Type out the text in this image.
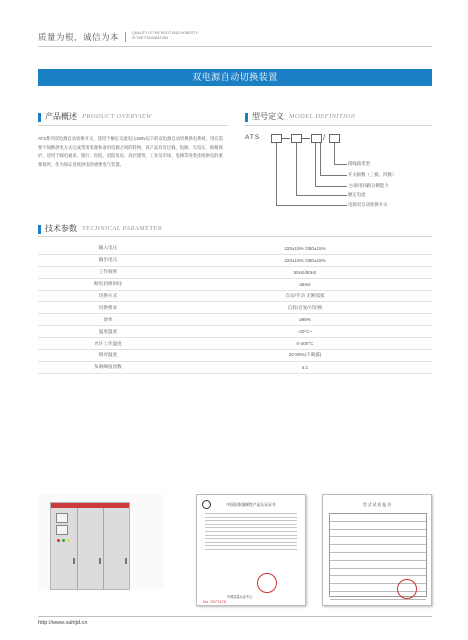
质量为根，诚信为本	QUALITY IS THE ROOT AND HONESTY IS THE FOUNDATION
双电源自动切换装置
产品概述 PRODUCT OVERVIEW
ATS系列双电源自动切换开关，适用于额定交流电压400v以下的双电源自动切换供电系统，用在需要不间断供电方式完成常用电源和备用电源之间的转换，该产品具有过载、短路、欠电压、缺相保护，适用于邮电通讯、银行、医院、消防泵房、高层建筑、工业及市场、电梯等各类连续供电的重要场所，作为保证连续供电的重要电气装置。
型号定义 MODEL DEFINITION
ATS	/
接线箱类型
开关极数（三极、四极）
主/备用回路分断能力
额定电流
电源双自动转换开关
技术参数 TECHNICAL PARAMETER
输入电压	220±15% /380±15%
输出电压	220±15% /380±15%
工作频率	50Hz/60Hz
断电切换时间	≤8ms
切换方式	自动/手动 无断弧弧
切换要求	自投/自复/可切换
效率	≥98%
温度温度	-40°C~
允许工作温度	0-400°C
相对温度	20-90%(不凝露)
负载峰值因数	4:1
中国国家强制性产品认证证书
中国质量认证中心
No. 2577478
型 式 试 验 报 告
http://www.xahljd.cn
